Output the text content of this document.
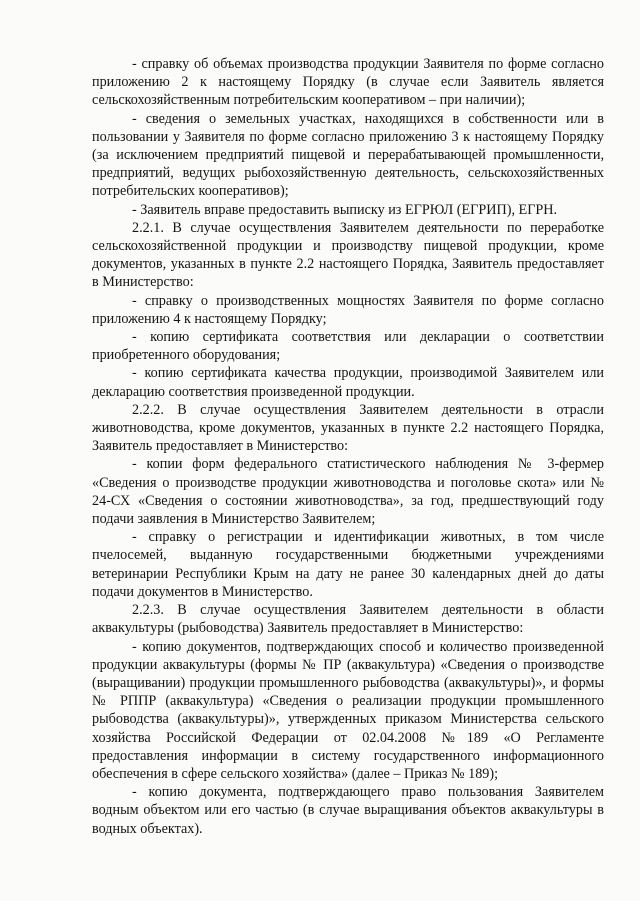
- справку об объемах производства продукции Заявителя по форме согласно приложению 2 к настоящему Порядку (в случае если Заявитель является сельскохозяйственным потребительским кооперативом – при наличии);

- сведения о земельных участках, находящихся в собственности или в пользовании у Заявителя по форме согласно приложению 3 к настоящему Порядку (за исключением предприятий пищевой и перерабатывающей промышленности, предприятий, ведущих рыбохозяйственную деятельность, сельскохозяйственных потребительских кооперативов);

- Заявитель вправе предоставить выписку из ЕГРЮЛ (ЕГРИП), ЕГРН.

2.2.1. В случае осуществления Заявителем деятельности по переработке сельскохозяйственной продукции и производству пищевой продукции, кроме документов, указанных в пункте 2.2 настоящего Порядка, Заявитель предоставляет в Министерство:

- справку о производственных мощностях Заявителя по форме согласно приложению 4 к настоящему Порядку;

- копию сертификата соответствия или декларации о соответствии приобретенного оборудования;

- копию сертификата качества продукции, производимой Заявителем или декларацию соответствия произведенной продукции.

2.2.2. В случае осуществления Заявителем деятельности в отрасли животноводства, кроме документов, указанных в пункте 2.2 настоящего Порядка, Заявитель предоставляет в Министерство:

- копии форм федерального статистического наблюдения № 3-фермер «Сведения о производстве продукции животноводства и поголовье скота» или № 24-СХ «Сведения о состоянии животноводства», за год, предшествующий году подачи заявления в Министерство Заявителем;

- справку о регистрации и идентификации животных, в том числе пчелосемей, выданную государственными бюджетными учреждениями ветеринарии Республики Крым на дату не ранее 30 календарных дней до даты подачи документов в Министерство.

2.2.3. В случае осуществления Заявителем деятельности в области аквакультуры (рыбоводства) Заявитель предоставляет в Министерство:

- копию документов, подтверждающих способ и количество произведенной продукции аквакультуры (формы № ПР (аквакультура) «Сведения о производстве (выращивании) продукции промышленного рыбоводства (аквакультуры)», и формы № РППР (аквакультура) «Сведения о реализации продукции промышленного рыбоводства (аквакультуры)», утвержденных приказом Министерства сельского хозяйства Российской Федерации от 02.04.2008 №189 «О Регламенте предоставления информации в систему государственного информационного обеспечения в сфере сельского хозяйства» (далее – Приказ № 189);

- копию документа, подтверждающего право пользования Заявителем водным объектом или его частью (в случае выращивания объектов аквакультуры в водных объектах).
